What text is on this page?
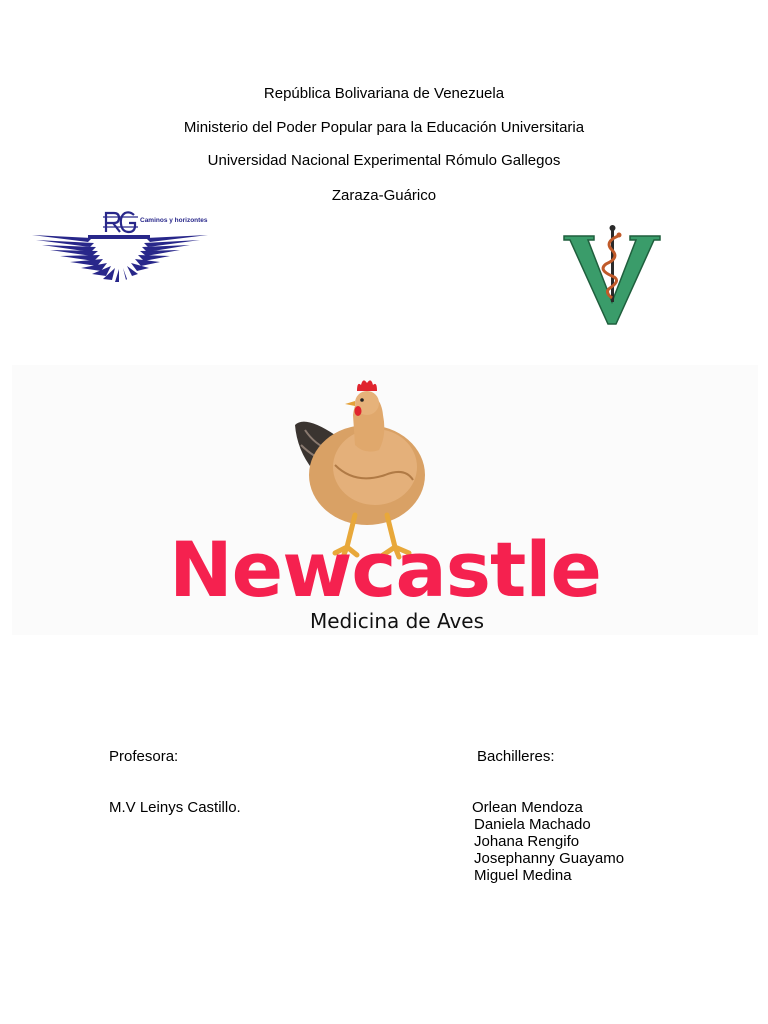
República Bolivariana de Venezuela
Ministerio del Poder Popular para la Educación Universitaria
Universidad Nacional Experimental Rómulo Gallegos
Zaraza-Guárico
Caminos y horizontes
Newcastle
Medicina de Aves
Profesora:	Bachilleres:
M.V Leinys Castillo.	Orlean Mendoza
Daniela Machado
Johana Rengifo
Josephanny Guayamo
Miguel Medina
